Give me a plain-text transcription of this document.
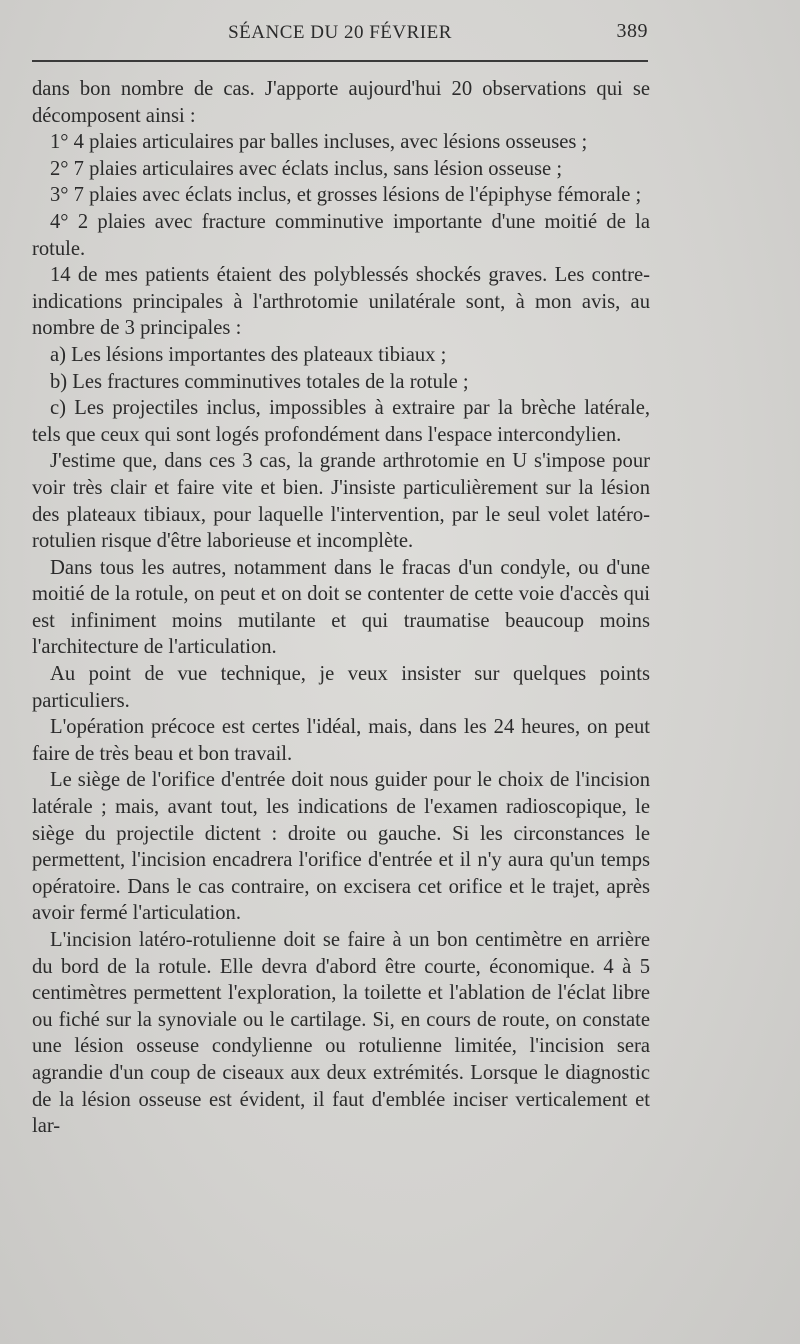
SÉANCE DU 20 FÉVRIER	389

dans bon nombre de cas. J'apporte aujourd'hui 20 observations qui se décomposent ainsi :

1° 4 plaies articulaires par balles incluses, avec lésions osseuses ;

2° 7 plaies articulaires avec éclats inclus, sans lésion osseuse ;

3° 7 plaies avec éclats inclus, et grosses lésions de l'épiphyse fémorale ;

4° 2 plaies avec fracture comminutive importante d'une moitié de la rotule.

14 de mes patients étaient des polyblessés shockés graves. Les contre-indications principales à l'arthrotomie unilatérale sont, à mon avis, au nombre de 3 principales :

a) Les lésions importantes des plateaux tibiaux ;

b) Les fractures comminutives totales de la rotule ;

c) Les projectiles inclus, impossibles à extraire par la brèche latérale, tels que ceux qui sont logés profondément dans l'espace intercondylien.

J'estime que, dans ces 3 cas, la grande arthrotomie en U s'impose pour voir très clair et faire vite et bien. J'insiste particulièrement sur la lésion des plateaux tibiaux, pour laquelle l'intervention, par le seul volet latéro-rotulien risque d'être laborieuse et incomplète.

Dans tous les autres, notamment dans le fracas d'un condyle, ou d'une moitié de la rotule, on peut et on doit se contenter de cette voie d'accès qui est infiniment moins mutilante et qui traumatise beaucoup moins l'architecture de l'articulation.

Au point de vue technique, je veux insister sur quelques points particuliers.

L'opération précoce est certes l'idéal, mais, dans les 24 heures, on peut faire de très beau et bon travail.

Le siège de l'orifice d'entrée doit nous guider pour le choix de l'incision latérale ; mais, avant tout, les indications de l'examen radioscopique, le siège du projectile dictent : droite ou gauche. Si les circonstances le permettent, l'incision encadrera l'orifice d'entrée et il n'y aura qu'un temps opératoire. Dans le cas contraire, on excisera cet orifice et le trajet, après avoir fermé l'articulation.

L'incision latéro-rotulienne doit se faire à un bon centimètre en arrière du bord de la rotule. Elle devra d'abord être courte, économique. 4 à 5 centimètres permettent l'exploration, la toilette et l'ablation de l'éclat libre ou fiché sur la synoviale ou le cartilage. Si, en cours de route, on constate une lésion osseuse condylienne ou rotulienne limitée, l'incision sera agrandie d'un coup de ciseaux aux deux extrémités. Lorsque le diagnostic de la lésion osseuse est évident, il faut d'emblée inciser verticalement et lar-
